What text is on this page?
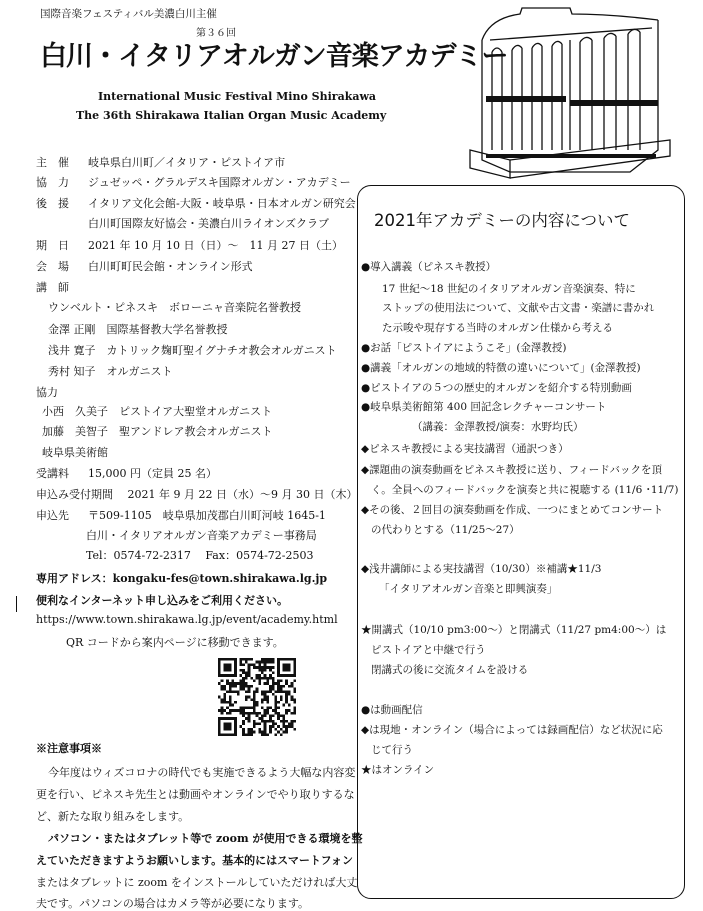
国際音楽フェスティバル美濃白川主催
第３６回
白川・イタリアオルガン音楽アカデミー
International Music Festival Mino Shirakawa
The 36th Shirakawa Italian Organ Music Academy
主　催 岐阜県白川町／イタリア・ピストイア市
協　力 ジュゼッペ・グラルデスキ国際オルガン・アカデミー
後　援 イタリア文化会館-大阪・岐阜県・日本オルガン研究会
白川町国際友好協会・美濃白川ライオンズクラブ
期　日 2021 年 10 月 10 日（日）～　11 月 27 日（土）
会　場 白川町町民会館・オンライン形式
講　師
ウンベルト・ピネスキ　ボローニャ音楽院名誉教授
金澤 正剛　国際基督教大学名誉教授
浅井 寛子　カトリック麹町聖イグナチオ教会オルガニスト
秀村 知子　オルガニスト
協力
小西　久美子　ピストイア大聖堂オルガニスト
加藤　美智子　聖アンドレア教会オルガニスト
岐阜県美術館
受講料 15,000 円（定員 25 名）
申込み受付期間　 2021 年 9 月 22 日（水）～9 月 30 日（木）
申込先 〒509-1105　岐阜県加茂郡白川町河岐 1645-1
白川・イタリアオルガン音楽アカデミー事務局
Tel：0574-72-2317　 Fax：0574-72-2503
専用アドレス：kongaku-fes@town.shirakawa.lg.jp
便利なインターネット申し込みをご利用ください。
https://www.town.shirakawa.lg.jp/event/academy.html
QR コードから案内ページに移動できます。
※注意事項※
今年度はウィズコロナの時代でも実施できるよう大幅な内容変
更を行い、ピネスキ先生とは動画やオンラインでやり取りするな
ど、新たな取り組みをします。
パソコン・またはタブレット等で zoom が使用できる環境を整
えていただきますようお願いします。基本的にはスマートフォン
またはタブレットに zoom をインストールしていただければ大丈
夫です。パソコンの場合はカメラ等が必要になります。
2021年アカデミーの内容について
●導入講義（ピネスキ教授）
17 世紀～18 世紀のイタリアオルガン音楽演奏、特に
ストップの使用法について、文献や古文書・楽譜に書かれ
た示唆や現存する当時のオルガン仕様から考える
●お話「ピストイアにようこそ」(金澤教授)
●講義「オルガンの地域的特徴の違いについて」(金澤教授)
●ピストイアの５つの歴史的オルガンを紹介する特別動画
●岐阜県美術館第 400 回記念レクチャーコンサート
（講義：金澤教授/演奏：水野均氏）
◆ピネスキ教授による実技講習（通訳つき）
◆課題曲の演奏動画をピネスキ教授に送り、フィードバックを頂
く。全員へのフィードバックを演奏と共に視聴する (11/6 ･11/7)
◆その後、２回目の演奏動画を作成、一つにまとめてコンサート
の代わりとする（11/25～27）
◆浅井講師による実技講習（10/30）※補講★11/3
「イタリアオルガン音楽と即興演奏」
★開講式（10/10 pm3:00～）と閉講式（11/27 pm4:00～）は
ピストイアと中継で行う
閉講式の後に交流タイムを設ける
●は動画配信
◆は現地・オンライン（場合によっては録画配信）など状況に応
じて行う
★はオンライン
